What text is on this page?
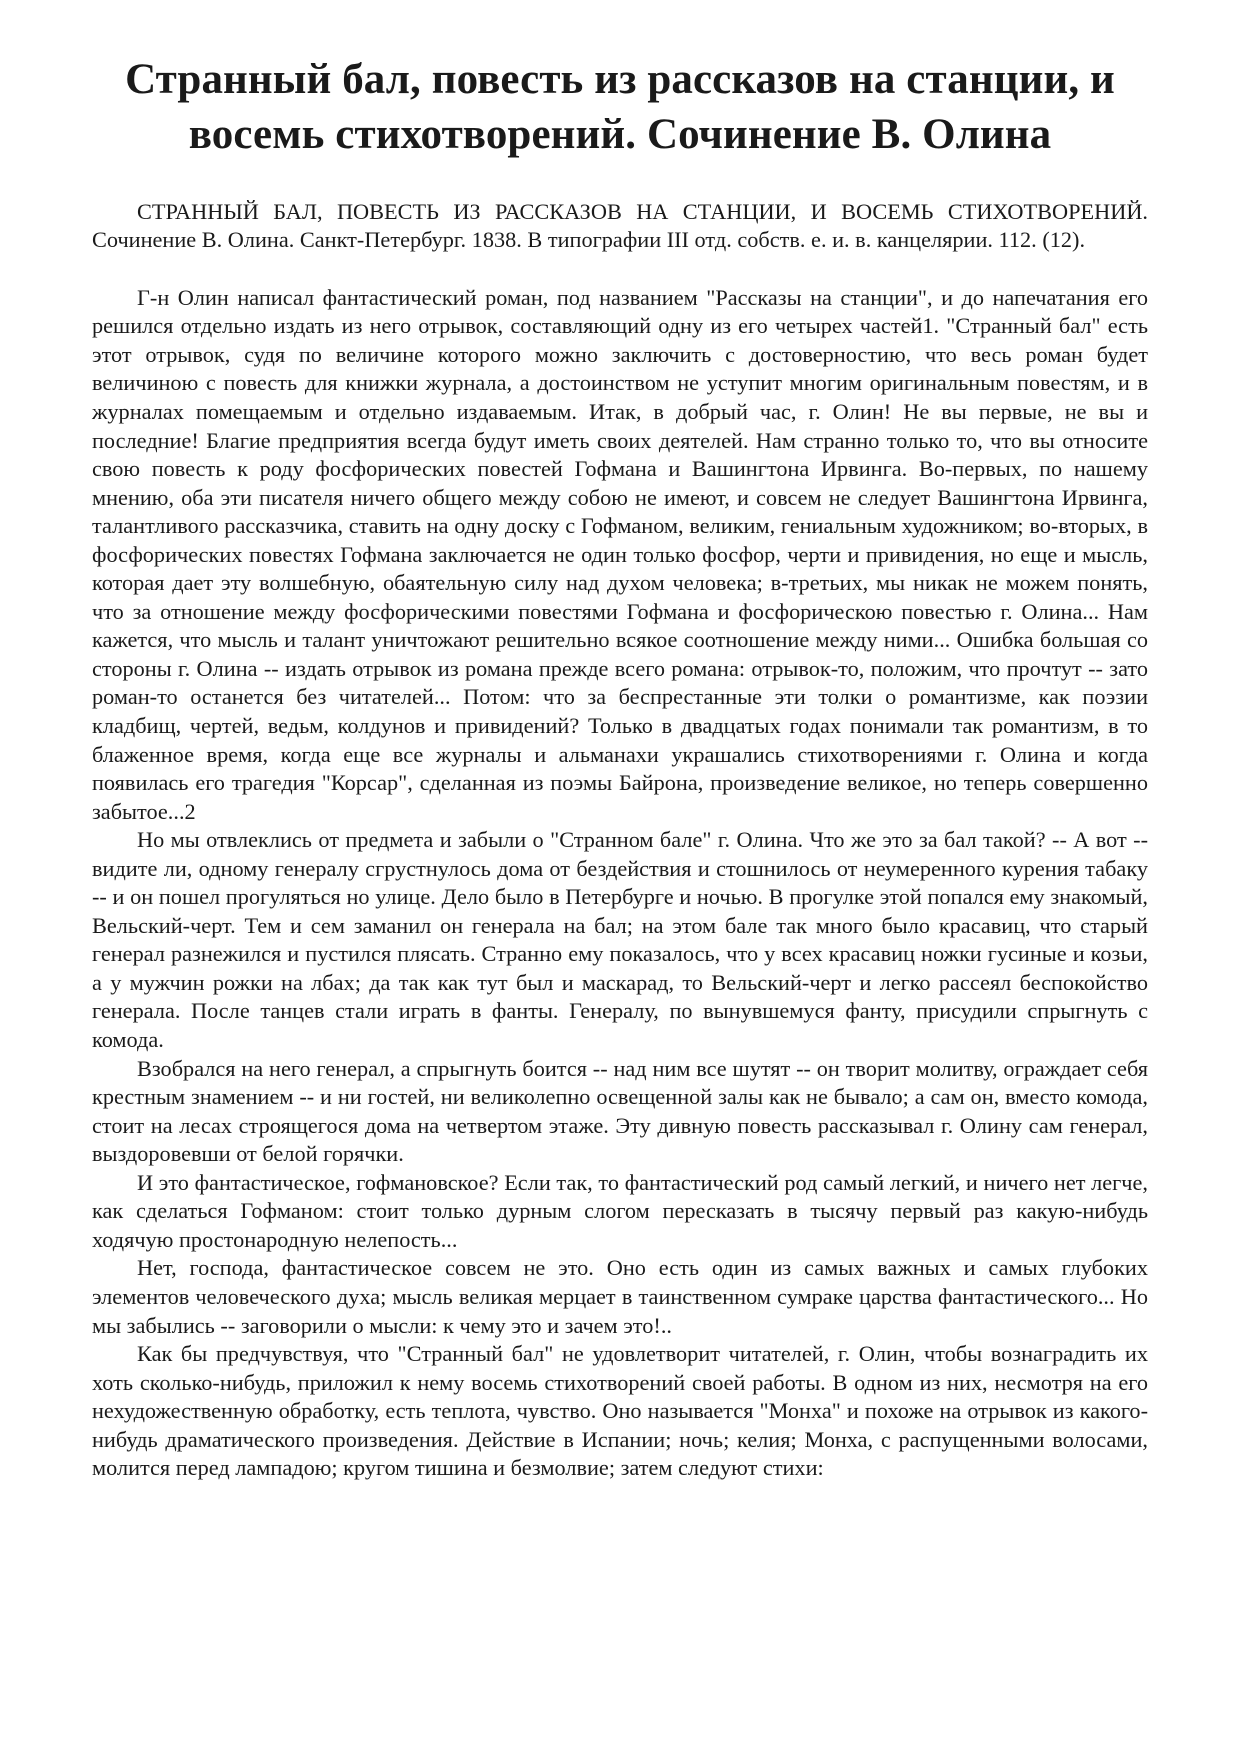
Странный бал, повесть из рассказов на станции, и восемь стихотворений. Сочинение В. Олина

СТРАННЫЙ БАЛ, ПОВЕСТЬ ИЗ РАССКАЗОВ НА СТАНЦИИ, И ВОСЕМЬ СТИХОТВОРЕНИЙ. Сочинение В. Олина. Санкт-Петербург. 1838. В типографии III отд. собств. е. и. в. канцелярии. 112. (12).

Г-н Олин написал фантастический роман, под названием "Рассказы на станции", и до напечатания его решился отдельно издать из него отрывок, составляющий одну из его четырех частей1. "Странный бал" есть этот отрывок, судя по величине которого можно заключить с достоверностию, что весь роман будет величиною с повесть для книжки журнала, а достоинством не уступит многим оригинальным повестям, и в журналах помещаемым и отдельно издаваемым. Итак, в добрый час, г. Олин! Не вы первые, не вы и последние! Благие предприятия всегда будут иметь своих деятелей. Нам странно только то, что вы относите свою повесть к роду фосфорических повестей Гофмана и Вашингтона Ирвинга. Во-первых, по нашему мнению, оба эти писателя ничего общего между собою не имеют, и совсем не следует Вашингтона Ирвинга, талантливого рассказчика, ставить на одну доску с Гофманом, великим, гениальным художником; во-вторых, в фосфорических повестях Гофмана заключается не один только фосфор, черти и привидения, но еще и мысль, которая дает эту волшебную, обаятельную силу над духом человека; в-третьих, мы никак не можем понять, что за отношение между фосфорическими повестями Гофмана и фосфорическою повестью г. Олина... Нам кажется, что мысль и талант уничтожают решительно всякое соотношение между ними... Ошибка большая со стороны г. Олина -- издать отрывок из романа прежде всего романа: отрывок-то, положим, что прочтут -- зато роман-то останется без читателей... Потом: что за беспрестанные эти толки о романтизме, как поэзии кладбищ, чертей, ведьм, колдунов и привидений? Только в двадцатых годах понимали так романтизм, в то блаженное время, когда еще все журналы и альманахи украшались стихотворениями г. Олина и когда появилась его трагедия "Корсар", сделанная из поэмы Байрона, произведение великое, но теперь совершенно забытое...2

Но мы отвлеклись от предмета и забыли о "Странном бале" г. Олина. Что же это за бал такой? -- А вот -- видите ли, одному генералу сгрустнулось дома от бездействия и стошнилось от неумеренного курения табаку -- и он пошел прогуляться но улице. Дело было в Петербурге и ночью. В прогулке этой попался ему знакомый, Вельский-черт. Тем и сем заманил он генерала на бал; на этом бале так много было красавиц, что старый генерал разнежился и пустился плясать. Странно ему показалось, что у всех красавиц ножки гусиные и козьи, а у мужчин рожки на лбах; да так как тут был и маскарад, то Вельский-черт и легко рассеял беспокойство генерала. После танцев стали играть в фанты. Генералу, по вынувшемуся фанту, присудили спрыгнуть с комода.

Взобрался на него генерал, а спрыгнуть боится -- над ним все шутят -- он творит молитву, ограждает себя крестным знамением -- и ни гостей, ни великолепно освещенной залы как не бывало; а сам он, вместо комода, стоит на лесах строящегося дома на четвертом этаже. Эту дивную повесть рассказывал г. Олину сам генерал, выздоровевши от белой горячки.

И это фантастическое, гофмановское? Если так, то фантастический род самый легкий, и ничего нет легче, как сделаться Гофманом: стоит только дурным слогом пересказать в тысячу первый раз какую-нибудь ходячую простонародную нелепость...

Нет, господа, фантастическое совсем не это. Оно есть один из самых важных и самых глубоких элементов человеческого духа; мысль великая мерцает в таинственном сумраке царства фантастического... Но мы забылись -- заговорили о мысли: к чему это и зачем это!..

Как бы предчувствуя, что "Странный бал" не удовлетворит читателей, г. Олин, чтобы вознаградить их хоть сколько-нибудь, приложил к нему восемь стихотворений своей работы. В одном из них, несмотря на его нехудожественную обработку, есть теплота, чувство. Оно называется "Монха" и похоже на отрывок из какого-нибудь драматического произведения. Действие в Испании; ночь; келия; Монха, с распущенными волосами, молится перед лампадою; кругом тишина и безмолвие; затем следуют стихи:
